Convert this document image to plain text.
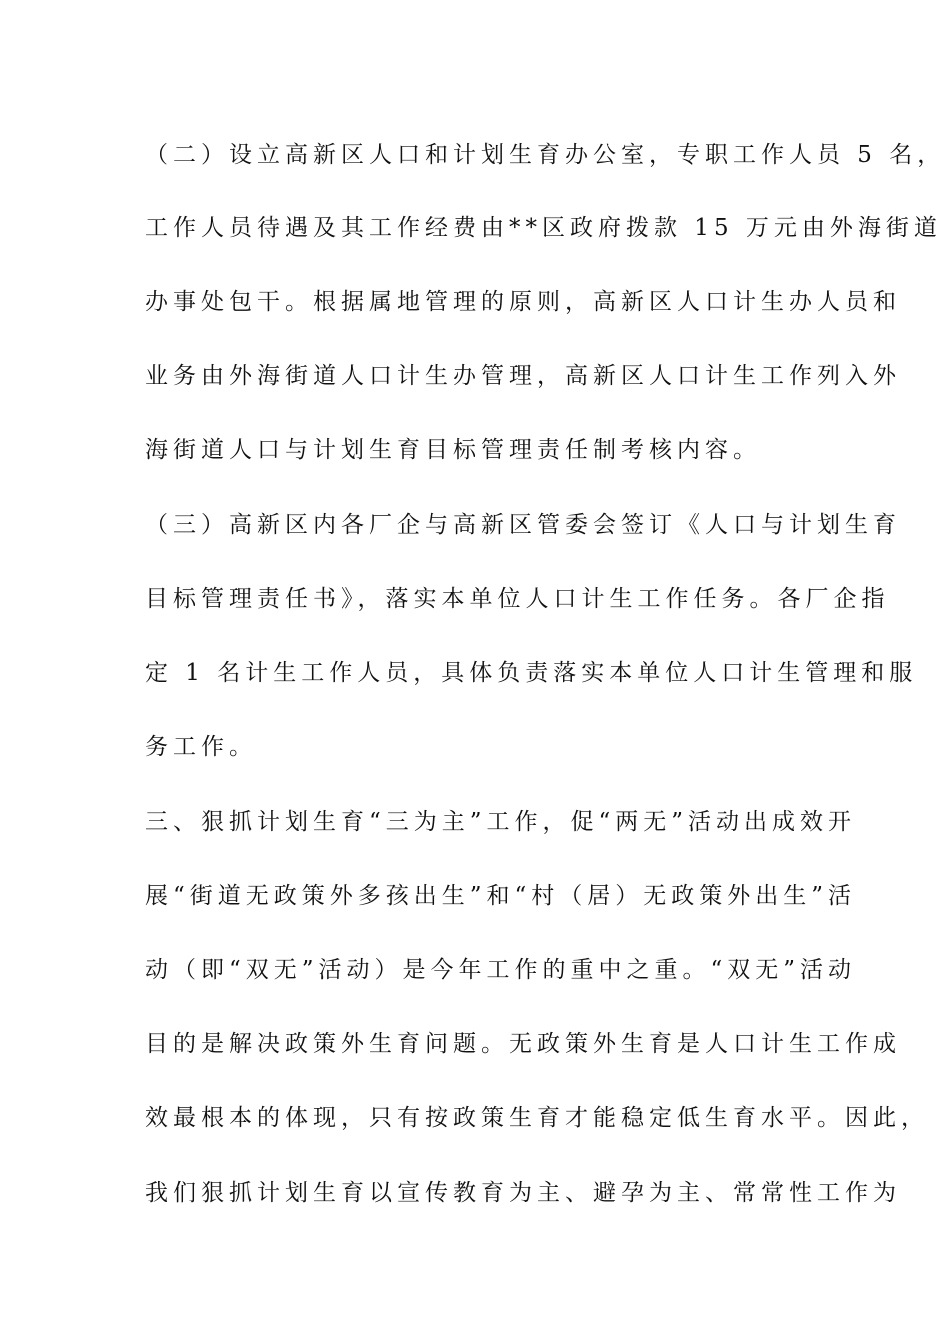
（二）设立高新区人口和计划生育办公室，专职工作人员 5 名，

工作人员待遇及其工作经费由**区政府拨款 15 万元由外海街道

办事处包干。根据属地管理的原则，高新区人口计生办人员和

业务由外海街道人口计生办管理，高新区人口计生工作列入外

海街道人口与计划生育目标管理责任制考核内容。

（三）高新区内各厂企与高新区管委会签订《人口与计划生育

目标管理责任书》，落实本单位人口计生工作任务。各厂企指

定 1 名计生工作人员，具体负责落实本单位人口计生管理和服

务工作。

三、狠抓计划生育“三为主”工作，促“两无”活动出成效开

展“街道无政策外多孩出生”和“村（居）无政策外出生”活

动（即“双无”活动）是今年工作的重中之重。“双无”活动

目的是解决政策外生育问题。无政策外生育是人口计生工作成

效最根本的体现，只有按政策生育才能稳定低生育水平。因此，

我们狠抓计划生育以宣传教育为主、避孕为主、常常性工作为
